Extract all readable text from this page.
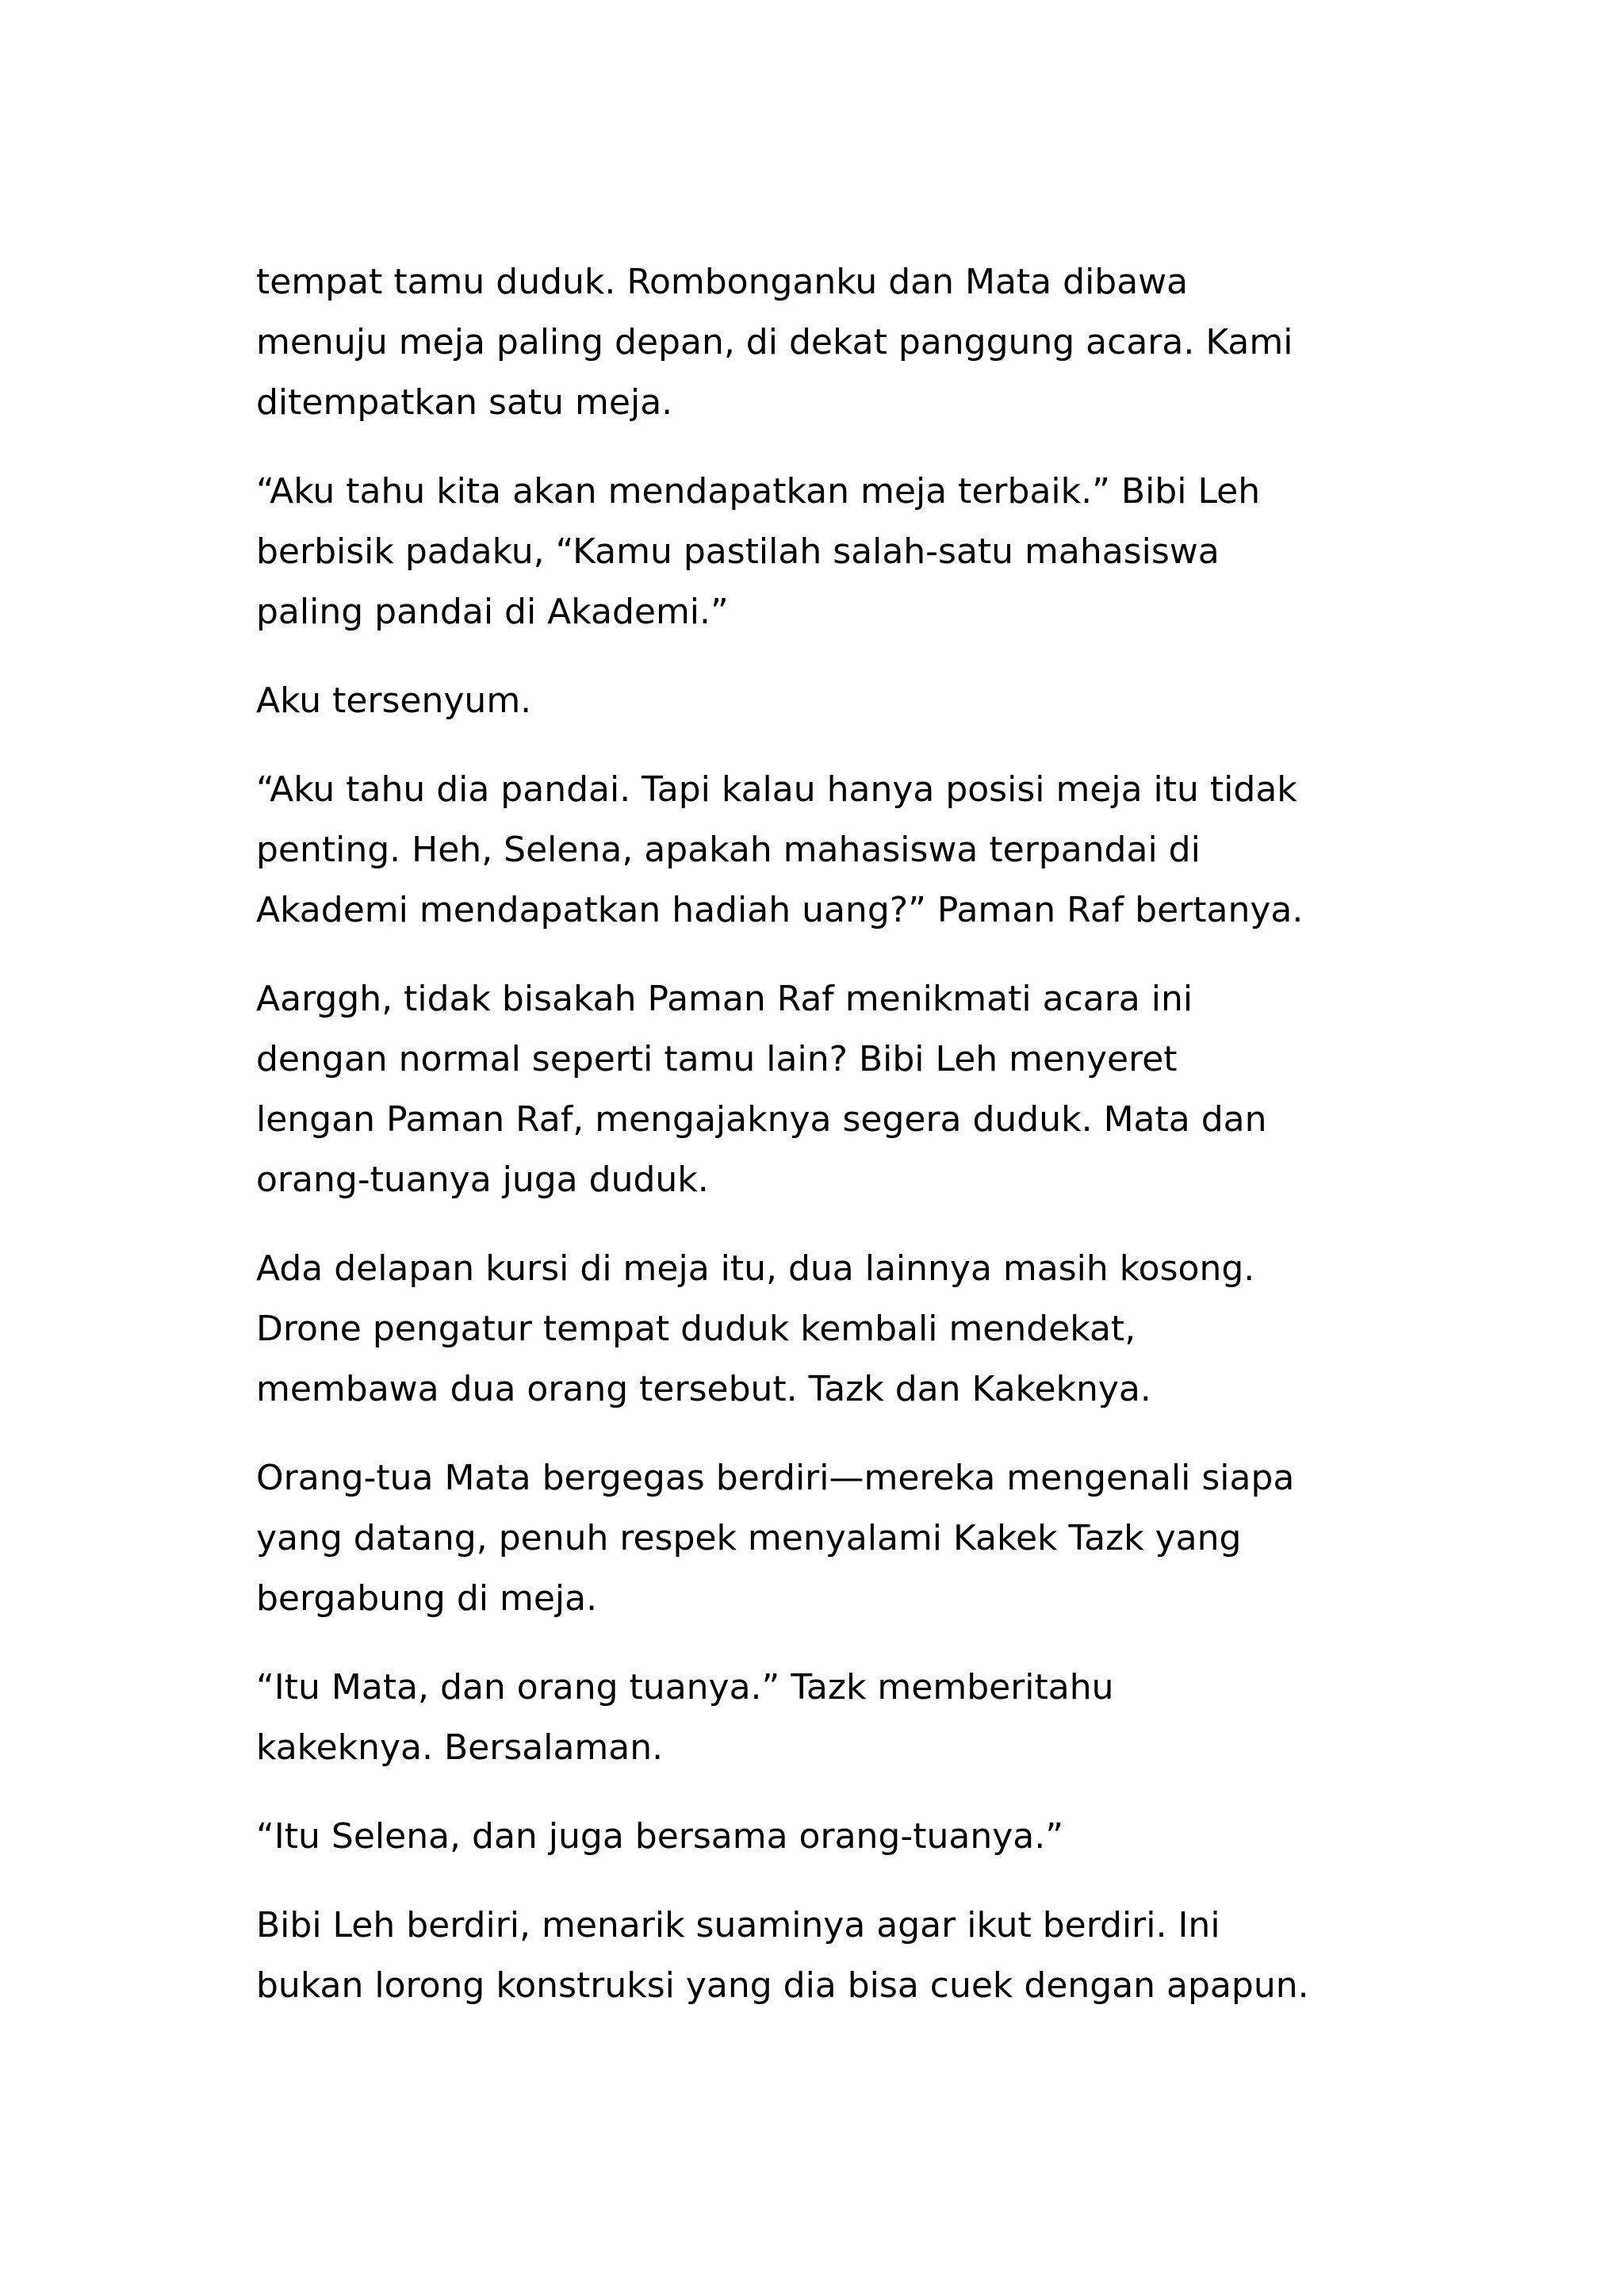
tempat tamu duduk. Rombonganku dan Mata dibawa
menuju meja paling depan, di dekat panggung acara. Kami
ditempatkan satu meja.

“Aku tahu kita akan mendapatkan meja terbaik.” Bibi Leh
berbisik padaku, “Kamu pastilah salah-satu mahasiswa
paling pandai di Akademi.”

Aku tersenyum.

“Aku tahu dia pandai. Tapi kalau hanya posisi meja itu tidak
penting. Heh, Selena, apakah mahasiswa terpandai di
Akademi mendapatkan hadiah uang?” Paman Raf bertanya.

Aarggh, tidak bisakah Paman Raf menikmati acara ini
dengan normal seperti tamu lain? Bibi Leh menyeret
lengan Paman Raf, mengajaknya segera duduk. Mata dan
orang-tuanya juga duduk.

Ada delapan kursi di meja itu, dua lainnya masih kosong.
Drone pengatur tempat duduk kembali mendekat,
membawa dua orang tersebut. Tazk dan Kakeknya.

Orang-tua Mata bergegas berdiri—mereka mengenali siapa
yang datang, penuh respek menyalami Kakek Tazk yang
bergabung di meja.

“Itu Mata, dan orang tuanya.” Tazk memberitahu
kakeknya. Bersalaman.

“Itu Selena, dan juga bersama orang-tuanya.”

Bibi Leh berdiri, menarik suaminya agar ikut berdiri. Ini
bukan lorong konstruksi yang dia bisa cuek dengan apapun.
